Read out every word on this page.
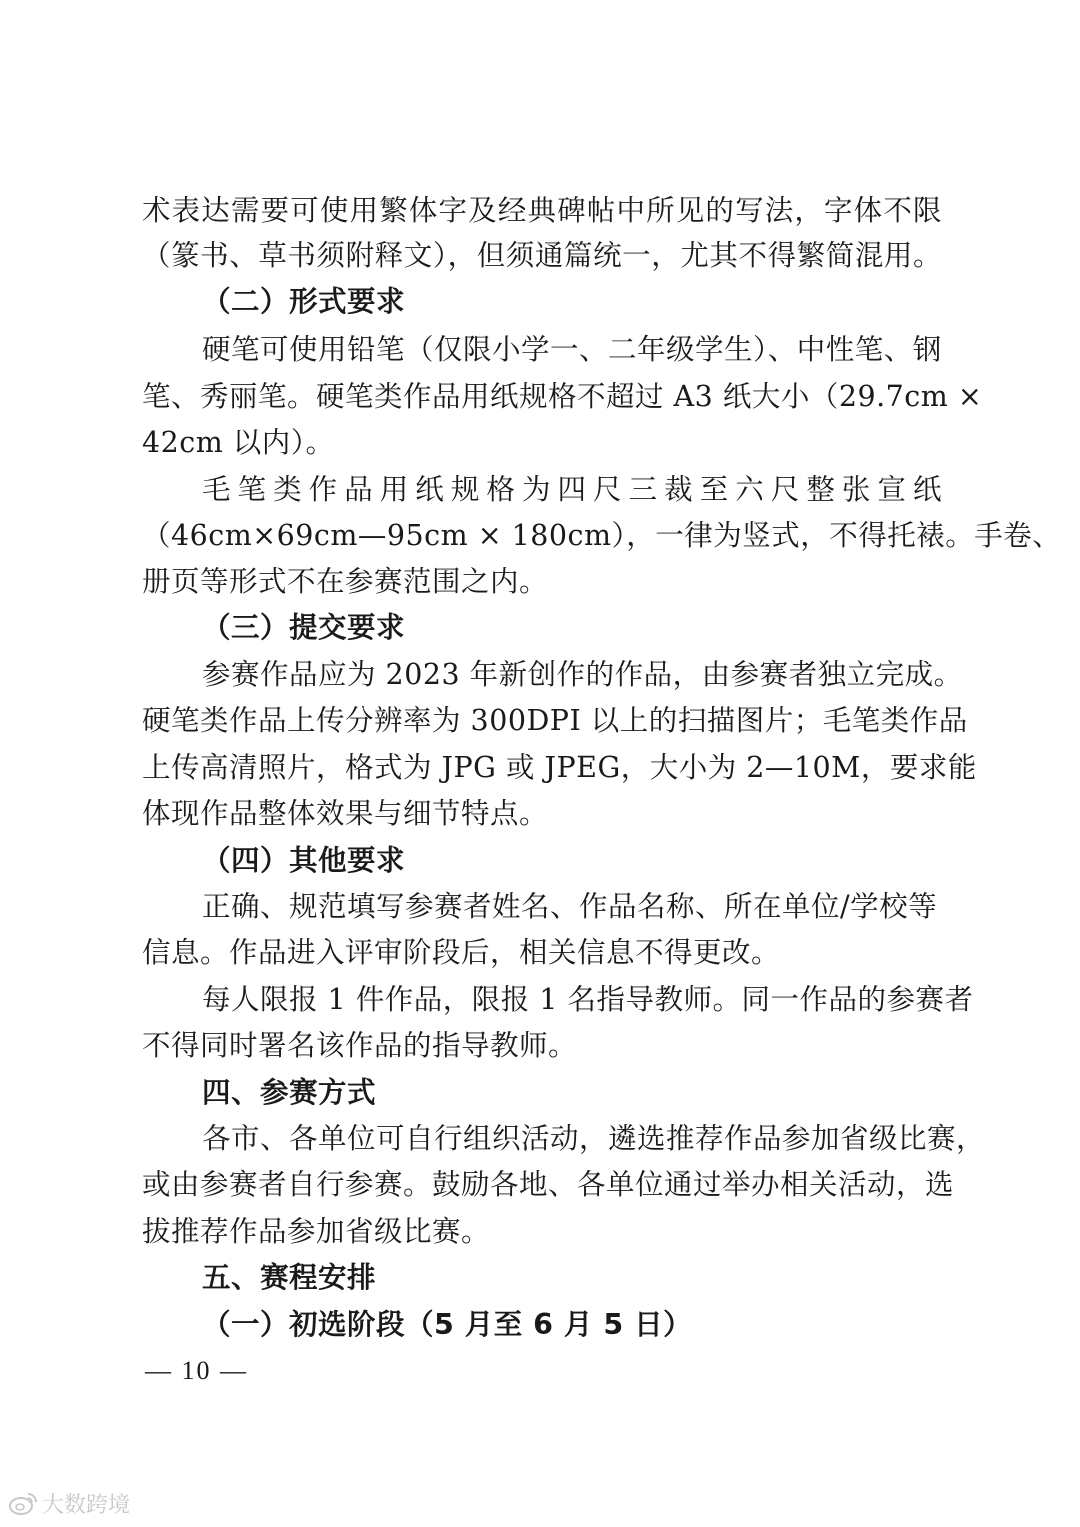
术表达需要可使用繁体字及经典碑帖中所见的写法，字体不限
（篆书、草书须附释文），但须通篇统一，尤其不得繁简混用。
（二）形式要求
硬笔可使用铅笔（仅限小学一、二年级学生）、中性笔、钢
笔、秀丽笔。硬笔类作品用纸规格不超过 A3 纸大小（29.7cm ×
42cm 以内）。
毛笔类作品用纸规格为四尺三裁至六尺整张宣纸
（46cm×69cm—95cm × 180cm），一律为竖式，不得托裱。手卷、
册页等形式不在参赛范围之内。
（三）提交要求
参赛作品应为 2023 年新创作的作品，由参赛者独立完成。
硬笔类作品上传分辨率为 300DPI 以上的扫描图片；毛笔类作品
上传高清照片，格式为 JPG 或 JPEG，大小为 2—10M，要求能
体现作品整体效果与细节特点。
（四）其他要求
正确、规范填写参赛者姓名、作品名称、所在单位/学校等
信息。作品进入评审阶段后，相关信息不得更改。
每人限报 1 件作品，限报 1 名指导教师。同一作品的参赛者
不得同时署名该作品的指导教师。
四、参赛方式
各市、各单位可自行组织活动，遴选推荐作品参加省级比赛，
或由参赛者自行参赛。鼓励各地、各单位通过举办相关活动，选
拔推荐作品参加省级比赛。
五、赛程安排
（一）初选阶段（5 月至 6 月 5 日）
— 10 —
大数跨境
